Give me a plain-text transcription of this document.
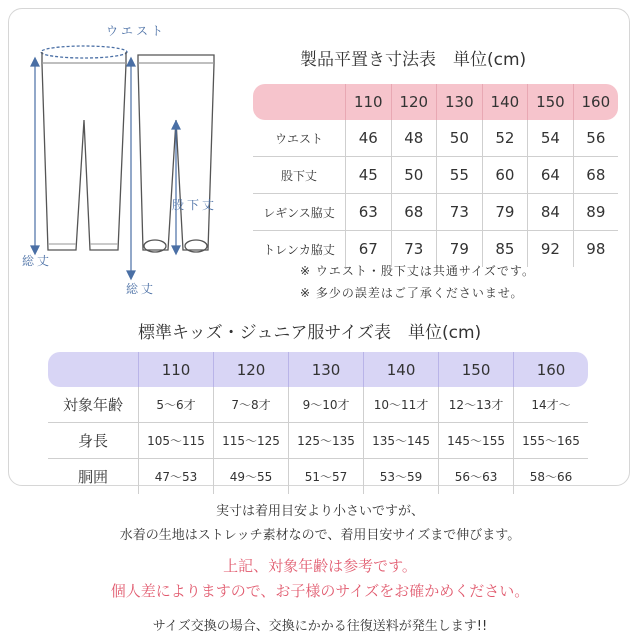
ウエスト
股下丈
総丈
総丈
製品平置き寸法表　単位(cm)
	110	120	130	140	150	160
ウエスト	46	48	50	52	54	56
股下丈	45	50	55	60	64	68
レギンス脇丈	63	68	73	79	84	89
トレンカ脇丈	67	73	79	85	92	98
※ ウエスト・股下丈は共通サイズです。
※ 多少の誤差はご了承くださいませ。
標準キッズ・ジュニア服サイズ表　単位(cm)
	110	120	130	140	150	160
対象年齢	5〜6才	7〜8才	9〜10才	10〜11才	12〜13才	14才〜
身長	105〜115	115〜125	125〜135	135〜145	145〜155	155〜165
胴囲	47〜53	49〜55	51〜57	53〜59	56〜63	58〜66
実寸は着用目安より小さいですが、
水着の生地はストレッチ素材なので、着用目安サイズまで伸びます。
上記、対象年齢は参考です。
個人差によりますので、お子様のサイズをお確かめください。
サイズ交換の場合、交換にかかる往復送料が発生します!!
